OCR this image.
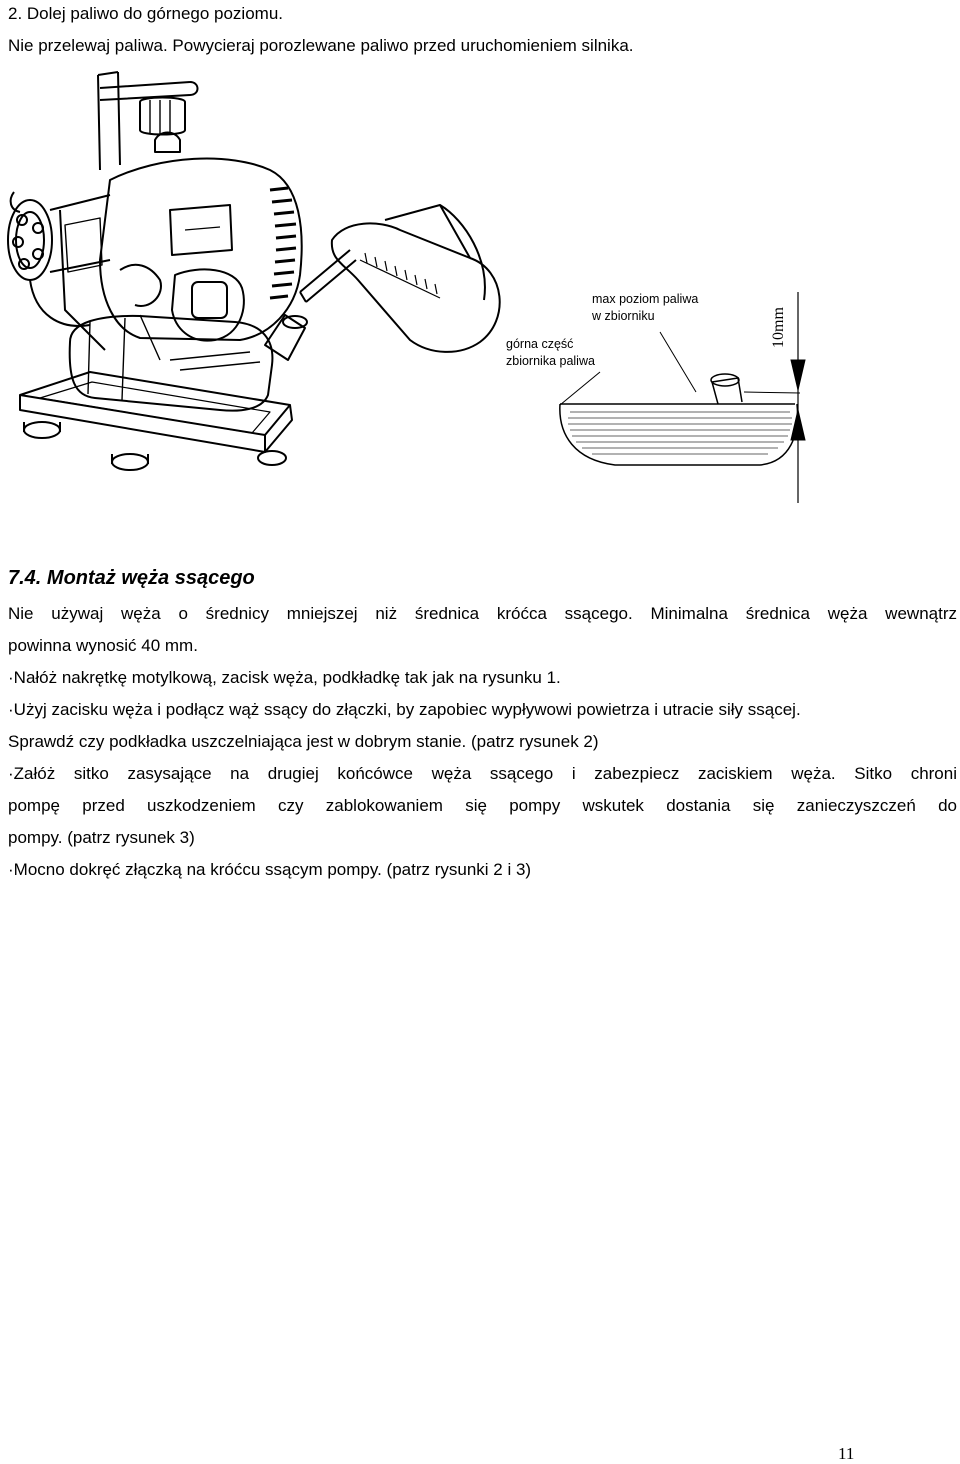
2. Dolej paliwo do górnego poziomu.
Nie przelewaj paliwa. Powycieraj porozlewane paliwo przed uruchomieniem silnika.
max poziom paliwa
w zbiorniku
górna część
zbiornika paliwa
10mm
7.4. Montaż węża ssącego
Nie używaj węża o średnicy mniejszej niż średnica króćca ssącego. Minimalna średnica węża wewnątrz
powinna wynosić 40 mm.
·Nałóż nakrętkę motylkową, zacisk węża, podkładkę tak jak na rysunku 1.
·Użyj zacisku węża i podłącz wąż ssący do złączki, by zapobiec wypływowi powietrza i utracie siły ssącej.
Sprawdź czy podkładka uszczelniająca jest w dobrym stanie. (patrz rysunek 2)
·Załóż sitko zasysające na drugiej końcówce węża ssącego i zabezpiecz zaciskiem węża. Sitko chroni
pompę przed uszkodzeniem czy zablokowaniem się pompy wskutek dostania się zanieczyszczeń do
pompy. (patrz rysunek 3)
·Mocno dokręć złączką na króćcu ssącym pompy. (patrz rysunki 2 i 3)
11
